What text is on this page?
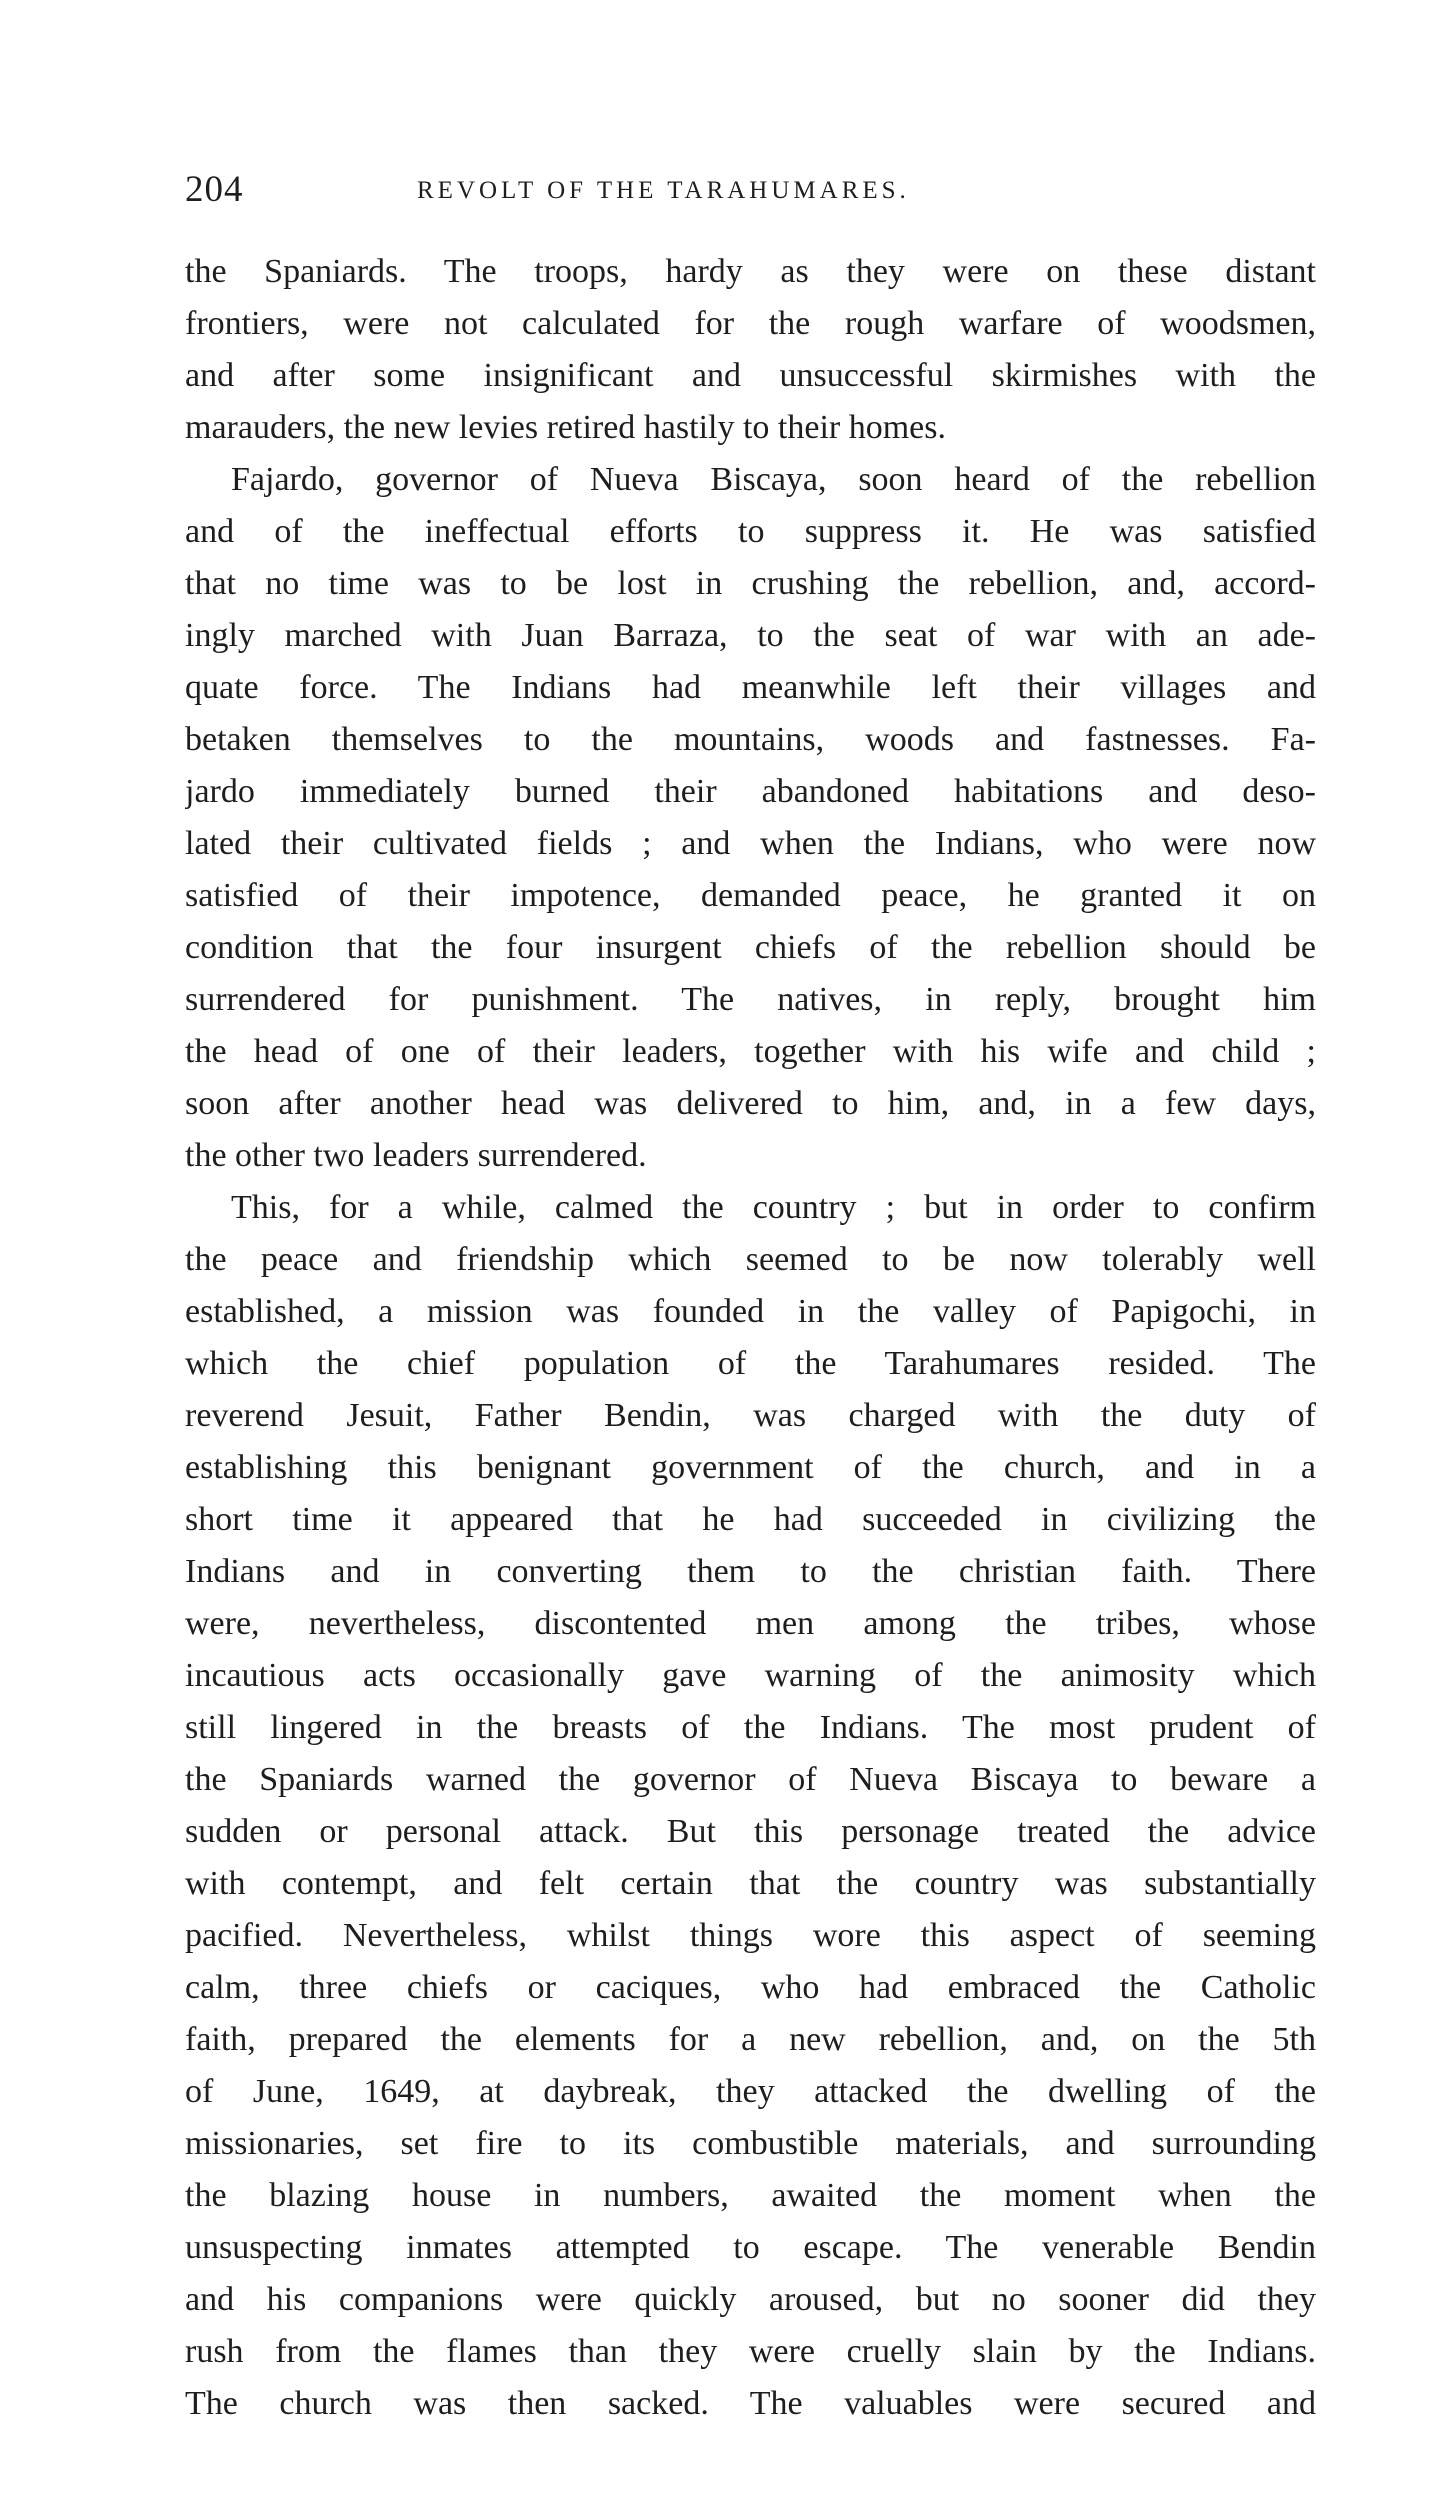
204	REVOLT OF THE TARAHUMARES.
the Spaniards. The troops, hardy as they were on these distant
frontiers, were not calculated for the rough warfare of woodsmen,
and after some insignificant and unsuccessful skirmishes with the
marauders, the new levies retired hastily to their homes.
Fajardo, governor of Nueva Biscaya, soon heard of the rebellion
and of the ineffectual efforts to suppress it. He was satisfied
that no time was to be lost in crushing the rebellion, and, accord-
ingly marched with Juan Barraza, to the seat of war with an ade-
quate force. The Indians had meanwhile left their villages and
betaken themselves to the mountains, woods and fastnesses. Fa-
jardo immediately burned their abandoned habitations and deso-
lated their cultivated fields ; and when the Indians, who were now
satisfied of their impotence, demanded peace, he granted it on
condition that the four insurgent chiefs of the rebellion should be
surrendered for punishment. The natives, in reply, brought him
the head of one of their leaders, together with his wife and child ;
soon after another head was delivered to him, and, in a few days,
the other two leaders surrendered.
This, for a while, calmed the country ; but in order to confirm
the peace and friendship which seemed to be now tolerably well
established, a mission was founded in the valley of Papigochi, in
which the chief population of the Tarahumares resided. The
reverend Jesuit, Father Bendin, was charged with the duty of
establishing this benignant government of the church, and in a
short time it appeared that he had succeeded in civilizing the
Indians and in converting them to the christian faith. There
were, nevertheless, discontented men among the tribes, whose
incautious acts occasionally gave warning of the animosity which
still lingered in the breasts of the Indians. The most prudent of
the Spaniards warned the governor of Nueva Biscaya to beware a
sudden or personal attack. But this personage treated the advice
with contempt, and felt certain that the country was substantially
pacified. Nevertheless, whilst things wore this aspect of seeming
calm, three chiefs or caciques, who had embraced the Catholic
faith, prepared the elements for a new rebellion, and, on the 5th
of June, 1649, at daybreak, they attacked the dwelling of the
missionaries, set fire to its combustible materials, and surrounding
the blazing house in numbers, awaited the moment when the
unsuspecting inmates attempted to escape. The venerable Bendin
and his companions were quickly aroused, but no sooner did they
rush from the flames than they were cruelly slain by the Indians.
The church was then sacked. The valuables were secured and
